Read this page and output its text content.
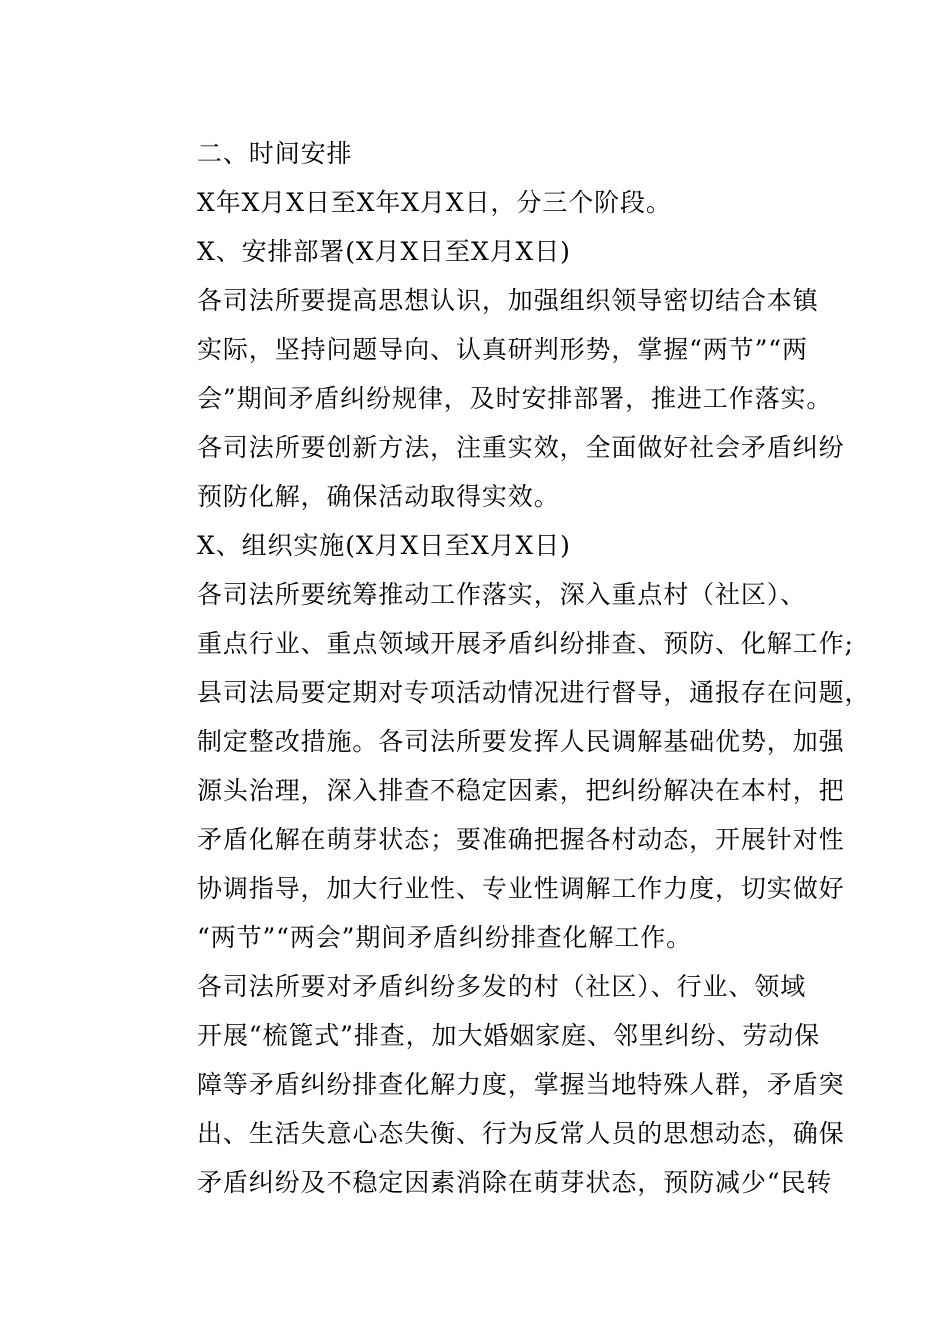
二、时间安排

X年X月X日至X年X月X日，分三个阶段。

X、安排部署(X月X日至X月X日)

各司法所要提高思想认识，加强组织领导密切结合本镇
实际，坚持问题导向、认真研判形势，掌握“两节”“两
会”期间矛盾纠纷规律，及时安排部署，推进工作落实。
各司法所要创新方法，注重实效，全面做好社会矛盾纠纷
预防化解，确保活动取得实效。

X、组织实施(X月X日至X月X日)

各司法所要统筹推动工作落实，深入重点村（社区）、
重点行业、重点领域开展矛盾纠纷排查、预防、化解工作;
县司法局要定期对专项活动情况进行督导，通报存在问题，
制定整改措施。各司法所要发挥人民调解基础优势，加强
源头治理，深入排查不稳定因素，把纠纷解决在本村，把
矛盾化解在萌芽状态；要准确把握各村动态，开展针对性
协调指导，加大行业性、专业性调解工作力度，切实做好
“两节”“两会”期间矛盾纠纷排查化解工作。

各司法所要对矛盾纠纷多发的村（社区）、行业、领域
开展“梳篦式”排查，加大婚姻家庭、邻里纠纷、劳动保
障等矛盾纠纷排查化解力度，掌握当地特殊人群，矛盾突
出、生活失意心态失衡、行为反常人员的思想动态，确保
矛盾纠纷及不稳定因素消除在萌芽状态，预防减少“民转
